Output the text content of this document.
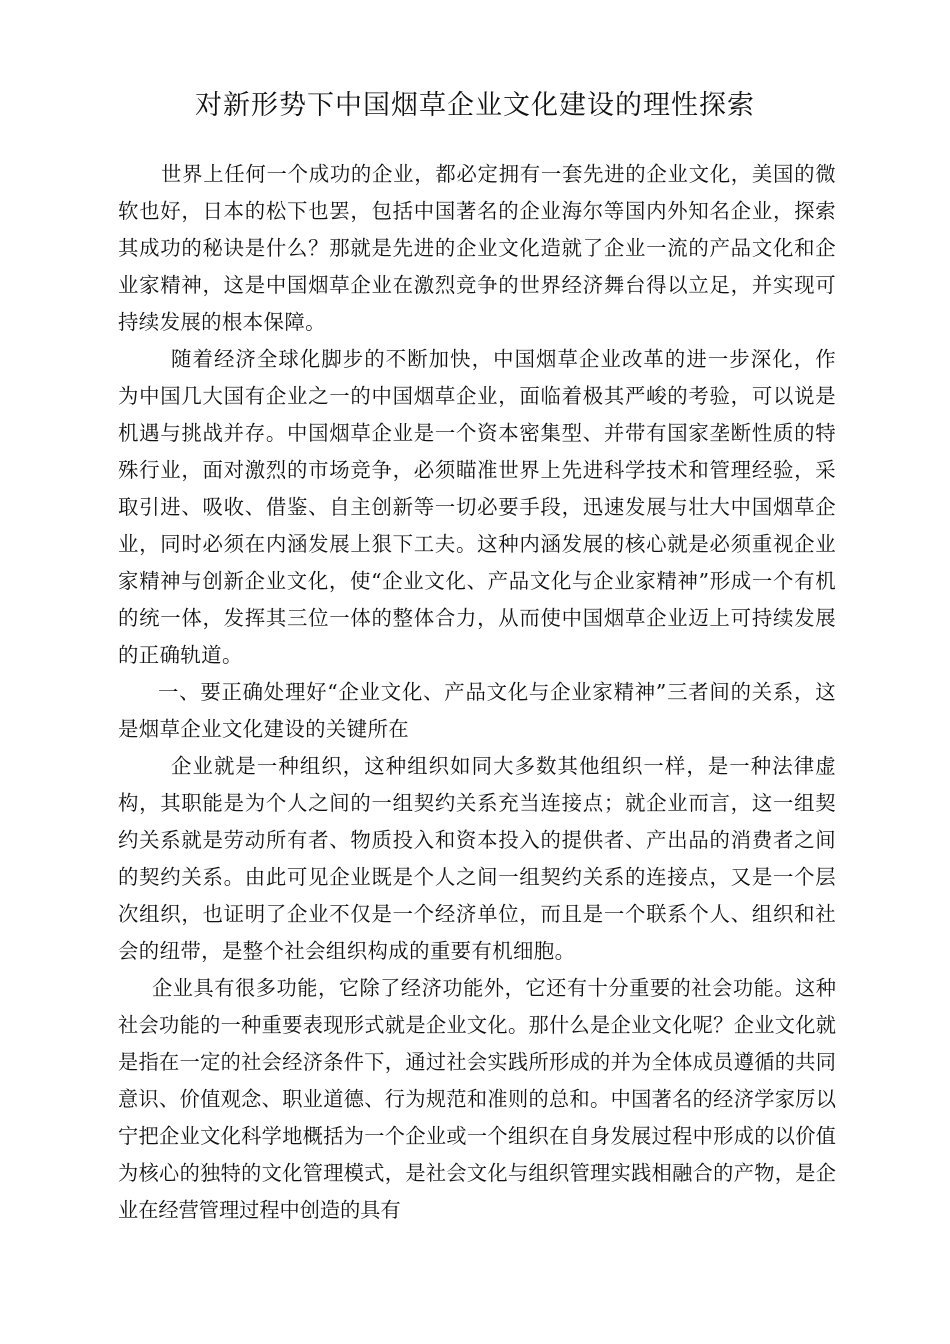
对新形势下中国烟草企业文化建设的理性探索

世界上任何一个成功的企业，都必定拥有一套先进的企业文化，美国的微软也好，日本的松下也罢，包括中国著名的企业海尔等国内外知名企业，探索其成功的秘诀是什么？那就是先进的企业文化造就了企业一流的产品文化和企业家精神，这是中国烟草企业在激烈竞争的世界经济舞台得以立足，并实现可持续发展的根本保障。

随着经济全球化脚步的不断加快，中国烟草企业改革的进一步深化，作为中国几大国有企业之一的中国烟草企业，面临着极其严峻的考验，可以说是机遇与挑战并存。中国烟草企业是一个资本密集型、并带有国家垄断性质的特殊行业，面对激烈的市场竞争，必须瞄准世界上先进科学技术和管理经验，采取引进、吸收、借鉴、自主创新等一切必要手段，迅速发展与壮大中国烟草企业，同时必须在内涵发展上狠下工夫。这种内涵发展的核心就是必须重视企业家精神与创新企业文化，使“企业文化、产品文化与企业家精神”形成一个有机的统一体，发挥其三位一体的整体合力，从而使中国烟草企业迈上可持续发展的正确轨道。

一、要正确处理好“企业文化、产品文化与企业家精神”三者间的关系，这是烟草企业文化建设的关键所在

企业就是一种组织，这种组织如同大多数其他组织一样，是一种法律虚构，其职能是为个人之间的一组契约关系充当连接点；就企业而言，这一组契约关系就是劳动所有者、物质投入和资本投入的提供者、产出品的消费者之间的契约关系。由此可见企业既是个人之间一组契约关系的连接点，又是一个层次组织，也证明了企业不仅是一个经济单位，而且是一个联系个人、组织和社会的纽带，是整个社会组织构成的重要有机细胞。

企业具有很多功能，它除了经济功能外，它还有十分重要的社会功能。这种社会功能的一种重要表现形式就是企业文化。那什么是企业文化呢？企业文化就是指在一定的社会经济条件下，通过社会实践所形成的并为全体成员遵循的共同意识、价值观念、职业道德、行为规范和准则的总和。中国著名的经济学家厉以宁把企业文化科学地概括为一个企业或一个组织在自身发展过程中形成的以价值为核心的独特的文化管理模式，是社会文化与组织管理实践相融合的产物，是企业在经营管理过程中创造的具有
